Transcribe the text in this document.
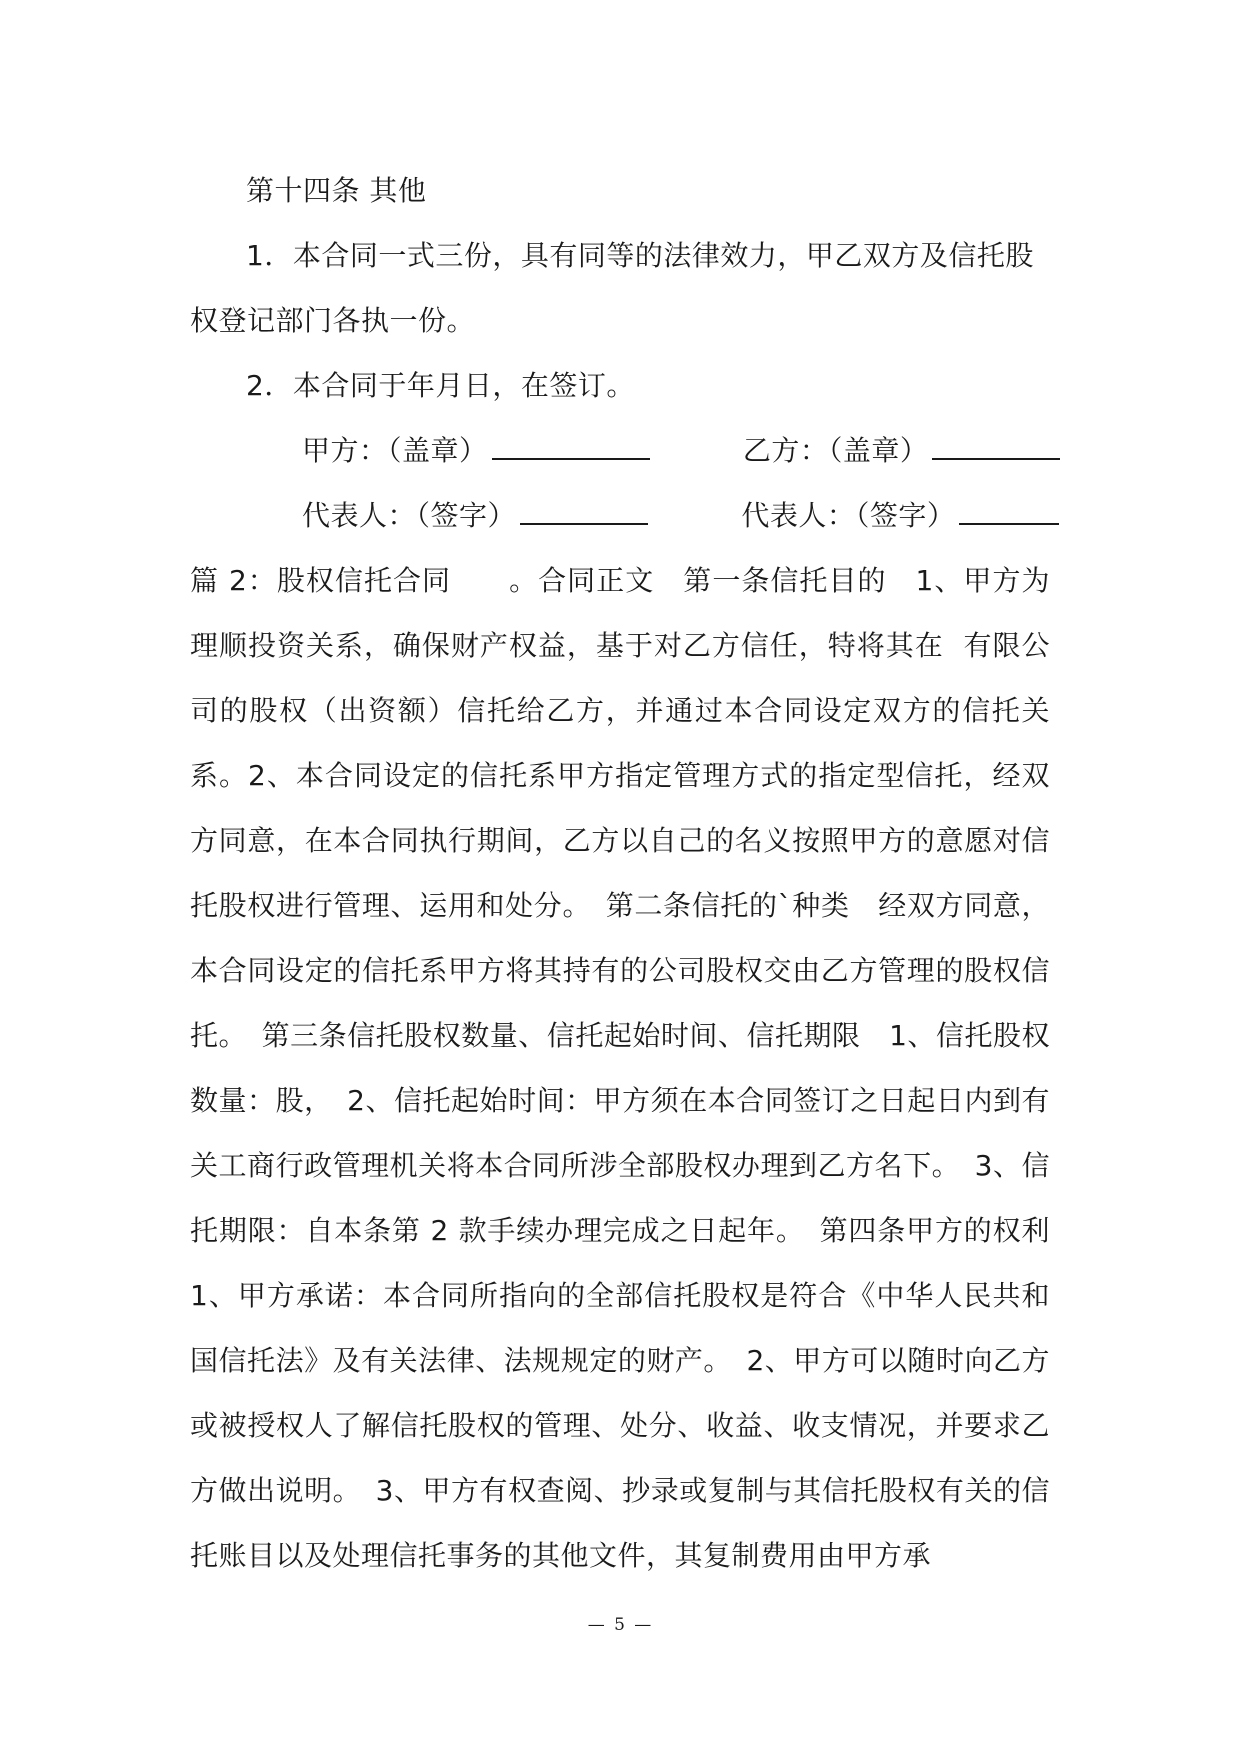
第十四条 其他

1．本合同一式三份，具有同等的法律效力，甲乙双方及信托股权登记部门各执一份。

2．本合同于年月日，在签订。

甲方：（盖章）	乙方：（盖章）

代表人：（签字）	代表人：（签字）

篇 2：股权信托合同　　。合同正文　第一条信托目的　1、甲方为理顺投资关系，确保财产权益，基于对乙方信任，特将其在  有限公司的股权（出资额）信托给乙方，并通过本合同设定双方的信托关系。2、本合同设定的信托系甲方指定管理方式的指定型信托，经双方同意，在本合同执行期间，乙方以自己的名义按照甲方的意愿对信托股权进行管理、运用和处分。　第二条信托的`种类　经双方同意，本合同设定的信托系甲方将其持有的公司股权交由乙方管理的股权信托。　第三条信托股权数量、信托起始时间、信托期限　1、信托股权数量：股，　2、信托起始时间：甲方须在本合同签订之日起日内到有关工商行政管理机关将本合同所涉全部股权办理到乙方名下。　3、信托期限：自本条第 2 款手续办理完成之日起年。　第四条甲方的权利　1、甲方承诺：本合同所指向的全部信托股权是符合《中华人民共和国信托法》及有关法律、法规规定的财产。　2、甲方可以随时向乙方或被授权人了解信托股权的管理、处分、收益、收支情况，并要求乙方做出说明。　3、甲方有权查阅、抄录或复制与其信托股权有关的信托账目以及处理信托事务的其他文件，其复制费用由甲方承

— 5 —
